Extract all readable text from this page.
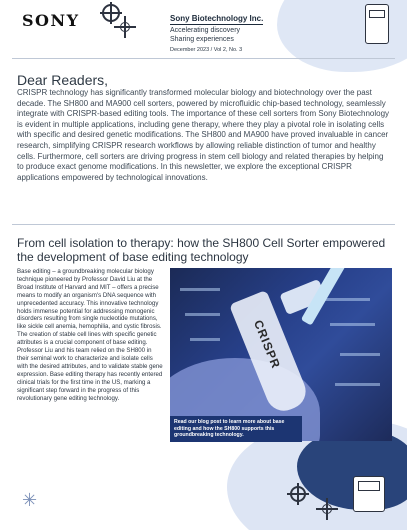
SONY	Sony Biotechnology Inc.
Accelerating discovery
Sharing experiences
December 2023 / Vol 2, No. 3
Dear Readers,
CRISPR technology has significantly transformed molecular biology and biotechnology over the past decade. The SH800 and MA900 cell sorters, powered by microfluidic chip-based technology, seamlessly integrate with CRISPR-based editing tools. The importance of these cell sorters from Sony Biotechnology is evident in multiple applications, including gene therapy, where they play a pivotal role in isolating cells with specific and desired genetic modifications. The SH800 and MA900 have proved invaluable in cancer research, simplifying CRISPR research workflows by allowing reliable distinction of tumor and healthy cells. Furthermore, cell sorters are driving progress in stem cell biology and related therapies by helping to produce exact genome modifications. In this newsletter, we explore the exceptional CRISPR applications empowered by technological innovations.
From cell isolation to therapy: how the SH800 Cell Sorter empowered the development of base editing technology
Base editing – a groundbreaking molecular biology technique pioneered by Professor David Liu at the Broad Institute of Harvard and MIT – offers a precise means to modify an organism's DNA sequence with unprecedented accuracy. This innovative technology holds immense potential for addressing monogenic disorders resulting from single nucleotide mutations, like sickle cell anemia, hemophilia, and cystic fibrosis. The creation of stable cell lines with specific genetic attributes is a crucial component of base editing. Professor Liu and his team relied on the SH800 in their seminal work to characterize and isolate cells with the desired attributes, and to validate stable gene expression. Base editing therapy has recently entered clinical trials for the first time in the US, marking a significant step forward in the progress of this revolutionary gene editing technology.
CRISPR
Read our blog post to learn more about base editing and how the SH800 supports this groundbreaking technology.
✳
